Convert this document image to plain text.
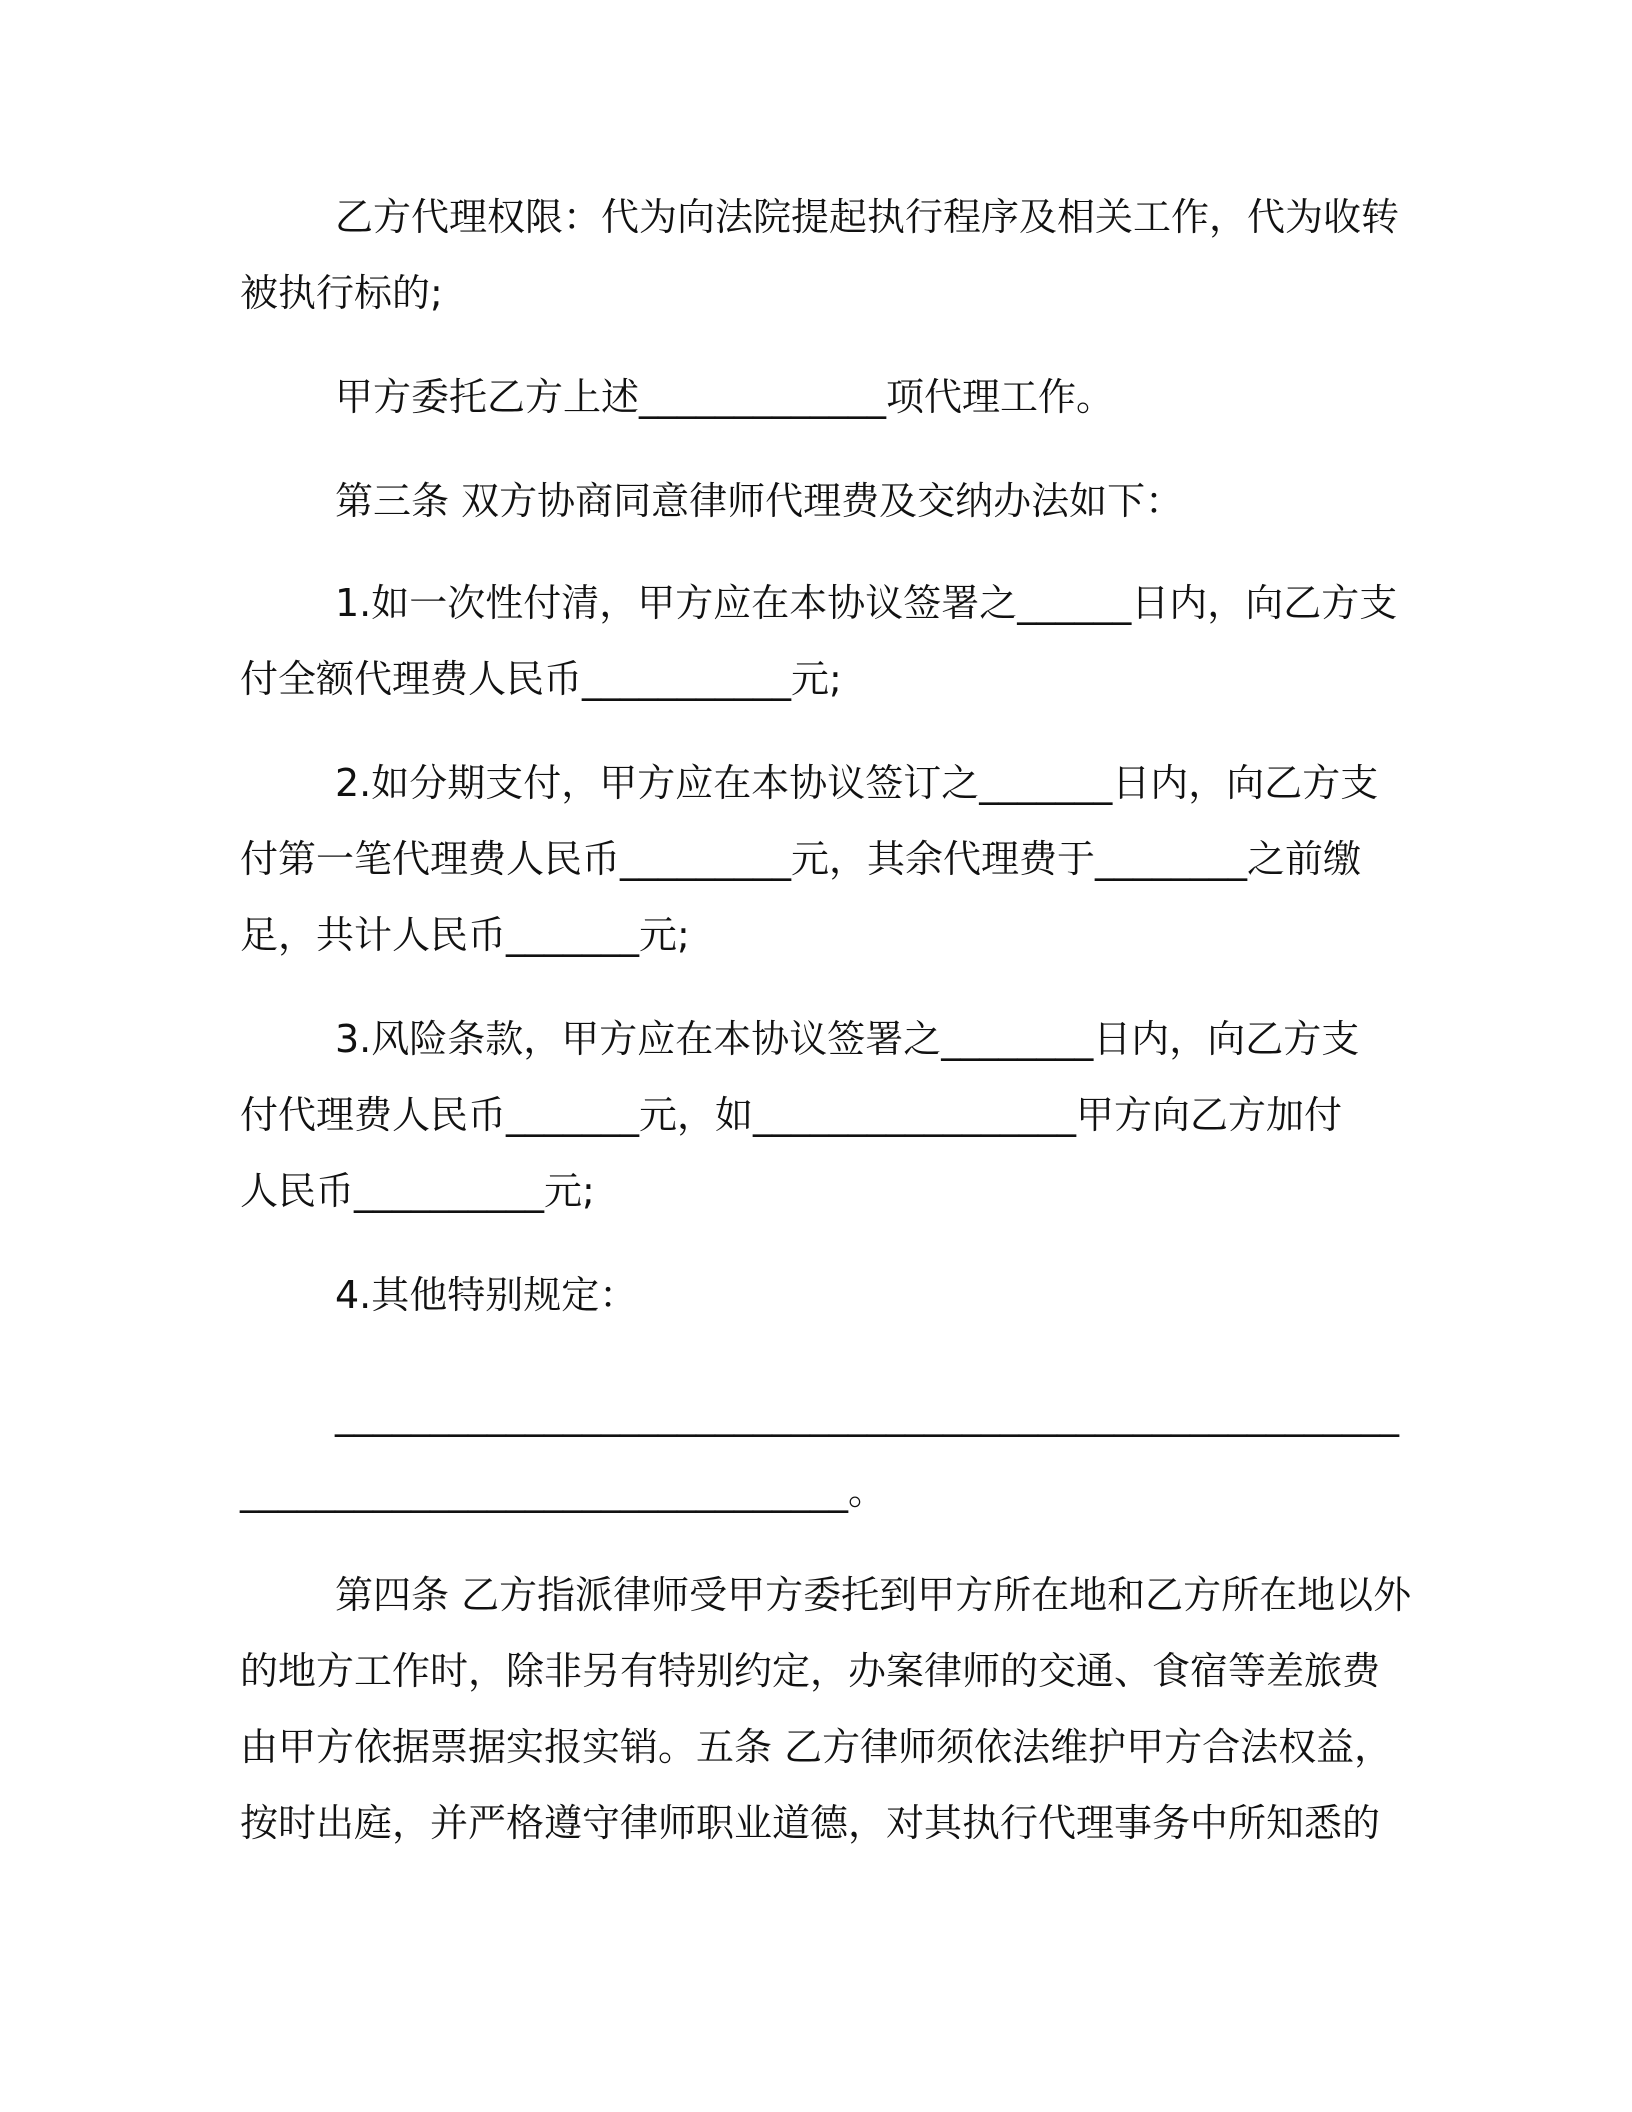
乙方代理权限：代为向法院提起执行程序及相关工作，代为收转
被执行标的;
甲方委托乙方上述_____________项代理工作。
第三条 双方协商同意律师代理费及交纳办法如下：
1.如一次性付清，甲方应在本协议签署之______日内，向乙方支
付全额代理费人民币___________元;
2.如分期支付，甲方应在本协议签订之_______日内，向乙方支
付第一笔代理费人民币_________元，其余代理费于________之前缴
足，共计人民币_______元;
3.风险条款，甲方应在本协议签署之________日内，向乙方支
付代理费人民币_______元，如_________________甲方向乙方加付
人民币__________元;
4.其他特别规定：
________________________________________________________
________________________________。
第四条 乙方指派律师受甲方委托到甲方所在地和乙方所在地以外
的地方工作时，除非另有特别约定，办案律师的交通、食宿等差旅费
由甲方依据票据实报实销。五条 乙方律师须依法维护甲方合法权益，
按时出庭，并严格遵守律师职业道德，对其执行代理事务中所知悉的
